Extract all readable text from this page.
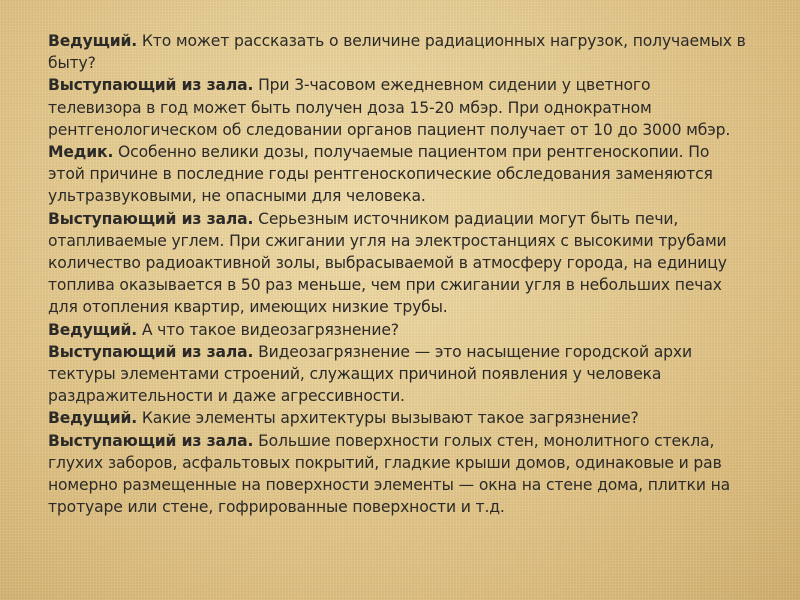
Ведущий. Кто может рассказать о величине радиационных нагрузок, получаемых в быту?

Выступающий из зала. При 3-часовом ежедневном сидении у цветного телевизора в год может быть получен доза 15-20 мбэр. При однократном рентгенологическом об следовании органов пациент получает от 10 до 3000 мбэр.

Медик. Особенно велики дозы, получаемые пациентом при рентгеноскопии. По этой причине в последние годы рентгеноскопические обследования заменяются ультразвуковыми, не опасными для человека.

Выступающий из зала. Серьезным источником радиации могут быть печи, отапливаемые углем. При сжигании угля на электростанциях с высокими трубами количество радиоактивной золы, выбрасываемой в атмосферу города, на единицу топлива оказывается в 50 раз меньше, чем при сжигании угля в небольших печах для отопления квартир, имеющих низкие трубы.

Ведущий. А что такое видеозагрязнение?

Выступающий из зала. Видеозагрязнение — это насыщение городской архи тектуры элементами строений, служащих причиной появления у человека раздражительности и даже агрессивности.

Ведущий. Какие элементы архитектуры вызывают такое загрязнение?

Выступающий из зала. Большие поверхности голых стен, монолитного стекла, глухих заборов, асфальтовых покрытий, гладкие крыши домов, одинаковые и рав номерно размещенные на поверхности элементы — окна на стене дома, плитки на тротуаре или стене, гофрированные поверхности и т.д.
